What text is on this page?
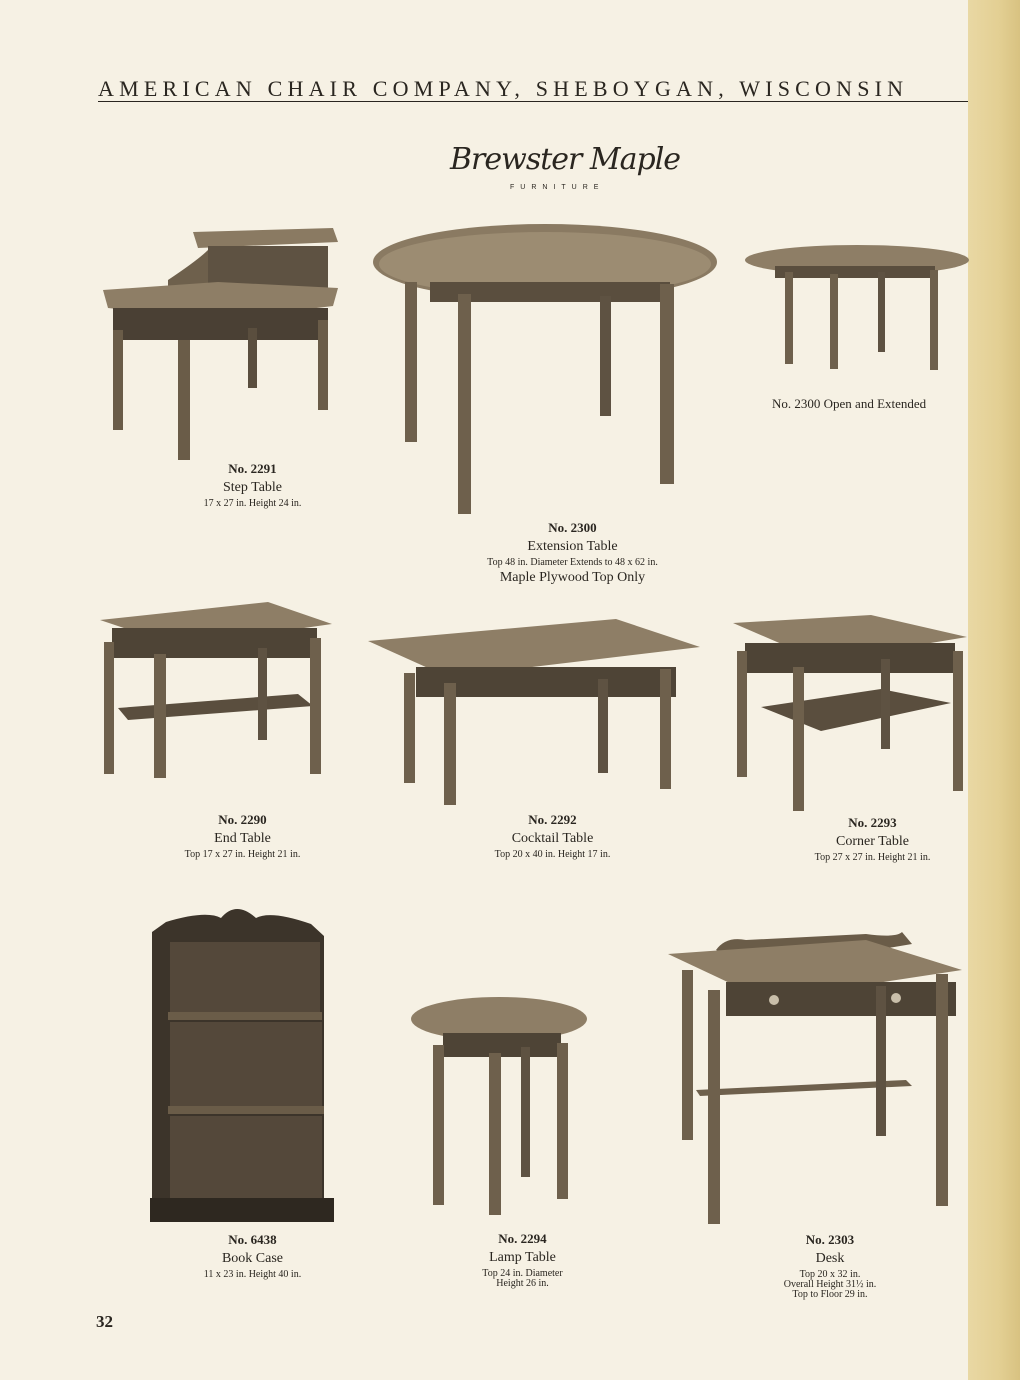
AMERICAN CHAIR COMPANY, SHEBOYGAN, WISCONSIN
Brewster Maple
FURNITURE
No. 2291
Step Table
17 x 27 in. Height 24 in.
No. 2300
Extension Table
Top 48 in. Diameter Extends to 48 x 62 in.
Maple Plywood Top Only
No. 2300 Open and Extended
No. 2290
End Table
Top 17 x 27 in. Height 21 in.
No. 2292
Cocktail Table
Top 20 x 40 in. Height 17 in.
No. 2293
Corner Table
Top 27 x 27 in. Height 21 in.
No. 6438
Book Case
11 x 23 in. Height 40 in.
No. 2294
Lamp Table
Top 24 in. Diameter
Height 26 in.
No. 2303
Desk
Top 20 x 32 in.
Overall Height 31½ in.
Top to Floor 29 in.
32
